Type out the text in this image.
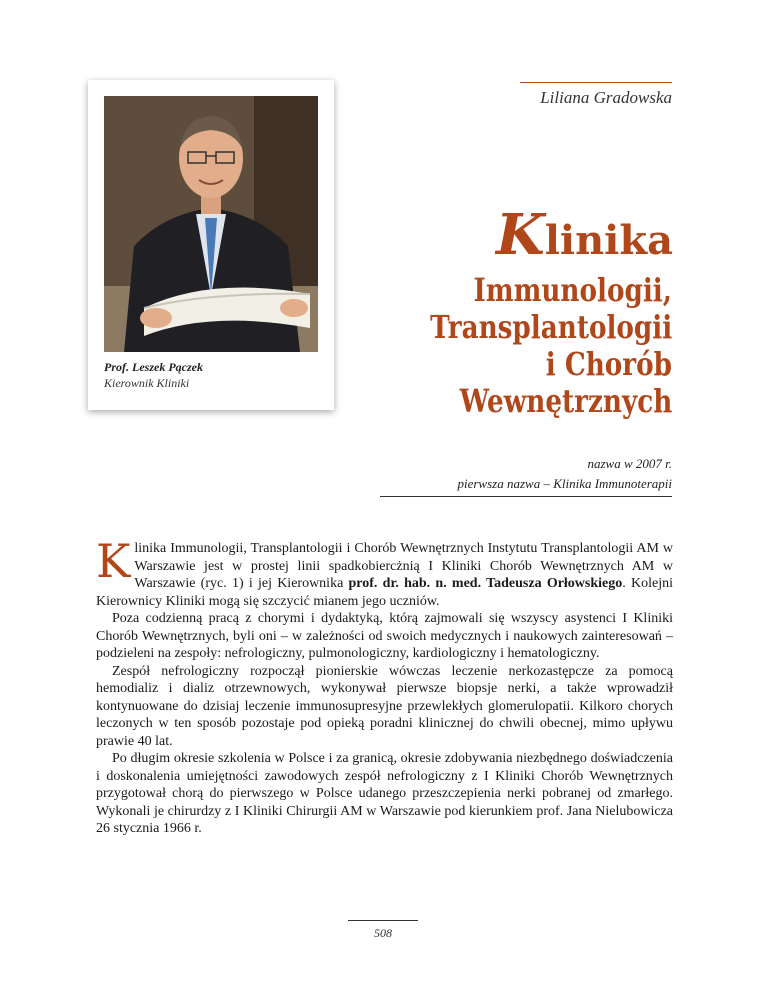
Liliana Gradowska
Prof. Leszek Pączek
Kierownik Kliniki
Klinika
Immunologii,
Transplantologii
i Chorób
Wewnętrznych
nazwa w 2007 r.
pierwsza nazwa – Klinika Immunoterapii

Klinika Immunologii, Transplantologii i Chorób Wewnętrznych Instytutu Transplantologii AM w Warszawie jest w prostej linii spadkobiercżnią I Kliniki Chorób Wewnętrznych AM w Warszawie (ryc. 1) i jej Kierownika prof. dr. hab. n. med. Tadeusza Orłowskiego. Kolejni Kierownicy Kliniki mogą się szczycić mianem jego uczniów.

Poza codzienną pracą z chorymi i dydaktyką, którą zajmowali się wszyscy asystenci I Kliniki Chorób Wewnętrznych, byli oni – w zależności od swoich medycznych i naukowych zainteresowań – podzieleni na zespoły: nefrologiczny, pulmonologiczny, kardiologiczny i hematologiczny.

Zespół nefrologiczny rozpoczął pionierskie wówczas leczenie nerkozastępcze za pomocą hemodializ i dializ otrzewnowych, wykonywał pierwsze biopsje nerki, a także wprowadził kontynuowane do dzisiaj leczenie immunosupresyjne przewlekłych glomerulopatii. Kilkoro chorych leczonych w ten sposób pozostaje pod opieką poradni klinicznej do chwili obecnej, mimo upływu prawie 40 lat.

Po długim okresie szkolenia w Polsce i za granicą, okresie zdobywania niezbędnego doświadczenia i doskonalenia umiejętności zawodowych zespół nefrologiczny z I Kliniki Chorób Wewnętrznych przygotował chorą do pierwszego w Polsce udanego przeszczepienia nerki pobranej od zmarłego. Wykonali je chirurdzy z I Kliniki Chirurgii AM w Warszawie pod kierunkiem prof. Jana Nielubowicza 26 stycznia 1966 r.

508
